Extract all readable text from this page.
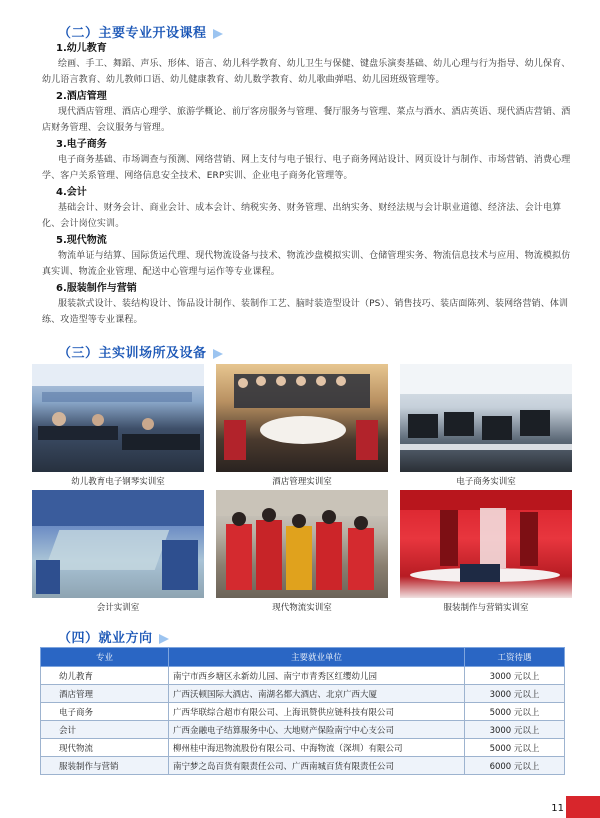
（二）主要专业开设课程
1.幼儿教育
绘画、手工、舞蹈、声乐、形体、语言、幼儿科学教育、幼儿卫生与保健、键盘乐演奏基础、幼儿心理与行为指导、幼儿保育、幼儿语言教育、幼儿教师口语、幼儿健康教育、幼儿数学教育、幼儿歌曲弹唱、幼儿园班级管理等。
2.酒店管理
现代酒店管理、酒店心理学、旅游学概论、前厅客房服务与管理、餐厅服务与管理、菜点与酒水、酒店英语、现代酒店营销、酒店财务管理、会议服务与管理。
3.电子商务
电子商务基础、市场调查与预测、网络营销、网上支付与电子银行、电子商务网站设计、网页设计与制作、市场营销、消费心理学、客户关系管理、网络信息安全技术、ERP实训、企业电子商务化管理等。
4.会计
基础会计、财务会计、商业会计、成本会计、纳税实务、财务管理、出纳实务、财经法规与会计职业道德、经济法、会计电算化、会计岗位实训。
5.现代物流
物流单证与结算、国际货运代理、现代物流设备与技术、物流沙盘模拟实训、仓储管理实务、物流信息技术与应用、物流模拟仿真实训、物流企业管理、配送中心管理与运作等专业课程。
6.服装制作与营销
服装款式设计、装结构设计、饰品设计制作、装制作工艺、脑时装造型设计（PS）、销售技巧、装店面陈列、装网络营销、体训练、攻造型等专业课程。
（三）主实训场所及设备
幼儿教育电子钢琴实训室	酒店管理实训室	电子商务实训室
会计实训室	现代物流实训室	服装制作与营销实训室
（四）就业方向
专业	主要就业单位	工资待遇
幼儿教育	南宁市西乡塘区永新幼儿园、南宁市青秀区红缨幼儿园	3000 元以上
酒店管理	广西沃顿国际大酒店、南湖名都大酒店、北京广西大厦	3000 元以上
电子商务	广西华联综合超市有限公司、上海讯赞供应链科技有限公司	5000 元以上
会计	广西金融电子结算服务中心、大地财产保险南宁中心支公司	3000 元以上
现代物流	柳州桂中海迅物流股份有限公司、中海物流（深圳）有限公司	5000 元以上
服装制作与营销	南宁梦之岛百货有限责任公司、广西南城百货有限责任公司	6000 元以上
11
